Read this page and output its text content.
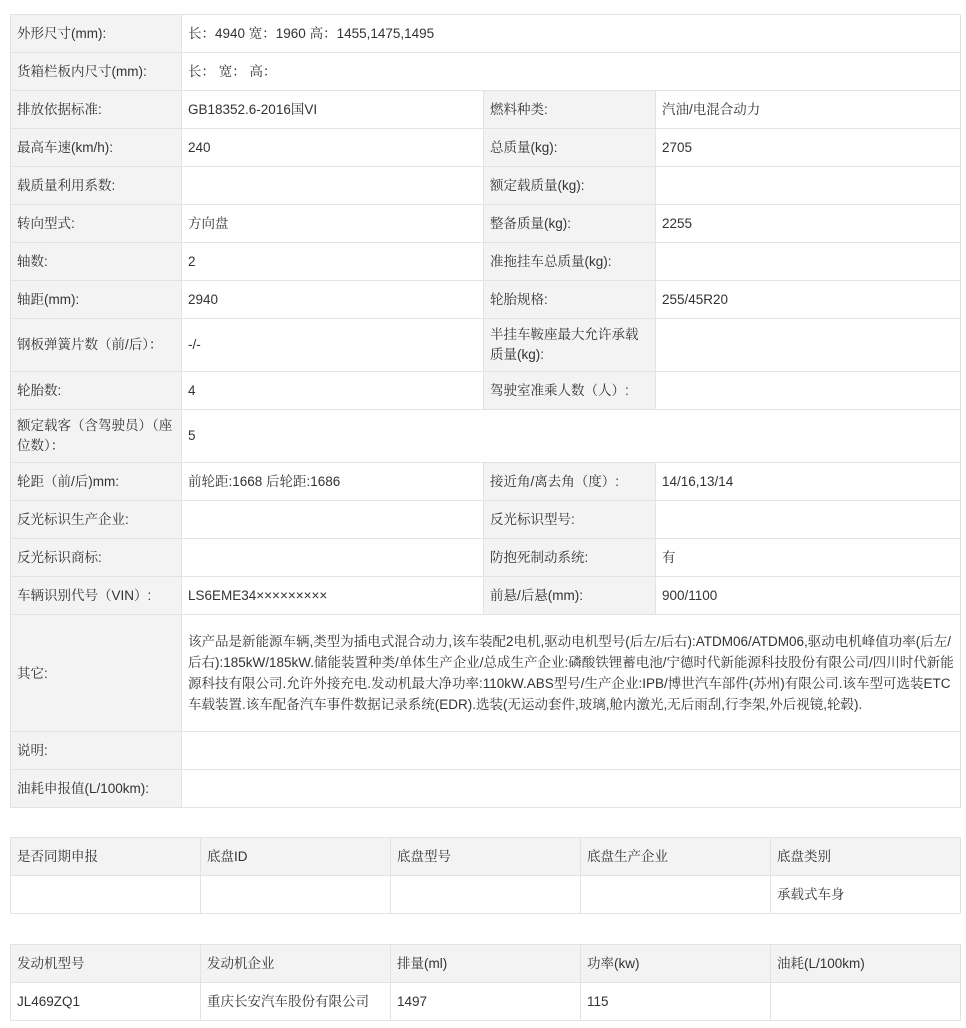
外形尺寸(mm):	长：4940 宽：1960 高：1455,1475,1495		
货箱栏板内尺寸(mm):	长： 宽： 高：		
排放依据标准:	GB18352.6-2016国VI	燃料种类:	汽油/电混合动力
最高车速(km/h):	240	总质量(kg):	2705
载质量利用系数:		额定载质量(kg):	
转向型式:	方向盘	整备质量(kg):	2255
轴数:	2	准拖挂车总质量(kg):	
轴距(mm):	2940	轮胎规格:	255/45R20
钢板弹簧片数（前/后）：	-/-	半挂车鞍座最大允许承载质量(kg):	
轮胎数:	4	驾驶室准乘人数（人）:	
额定载客（含驾驶员）（座位数）：	5		
轮距（前/后)mm:	前轮距:1668 后轮距:1686	接近角/离去角（度）:	14/16,13/14
反光标识生产企业:		反光标识型号:	
反光标识商标:		防抱死制动系统:	有
车辆识别代号（VIN）:	LS6EME34×××××××××	前悬/后悬(mm):	900/1100
其它:	该产品是新能源车辆,类型为插电式混合动力,该车装配2电机,驱动电机型号(后左/后右):ATDM06/ATDM06,驱动电机峰值功率(后左/后右):185kW/185kW.储能装置种类/单体生产企业/总成生产企业:磷酸铁锂蓄电池/宁德时代新能源科技股份有限公司/四川时代新能源科技有限公司.允许外接充电.发动机最大净功率:110kW.ABS型号/生产企业:IPB/博世汽车部件(苏州)有限公司.该车型可选装ETC车载装置.该车配备汽车事件数据记录系统(EDR).选装(无运动套件,玻璃,舱内激光,无后雨刮,行李架,外后视镜,轮毂).		
说明:			
油耗申报值(L/100km):			
是否同期申报	底盘ID	底盘型号	底盘生产企业	底盘类别
				承载式车身
发动机型号	发动机企业	排量(ml)	功率(kw)	油耗(L/100km)
JL469ZQ1	重庆长安汽车股份有限公司	1497	115	
